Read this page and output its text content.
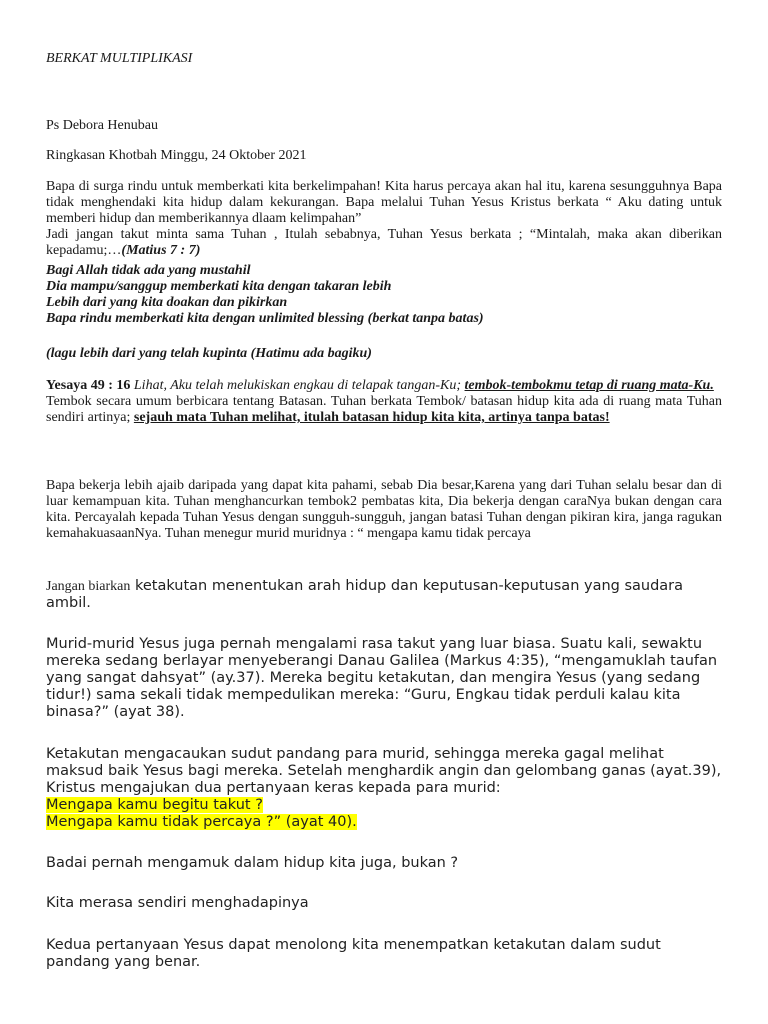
BERKAT MULTIPLIKASI

Ps Debora Henubau

Ringkasan Khotbah Minggu, 24 Oktober 2021

Bapa di surga rindu untuk memberkati kita berkelimpahan! Kita harus percaya akan hal itu, karena sesungguhnya Bapa tidak menghendaki kita hidup dalam kekurangan. Bapa melalui Tuhan Yesus Kristus berkata “ Aku dating untuk memberi hidup dan memberikannya dlaam kelimpahan”

Jadi jangan takut minta sama Tuhan , Itulah sebabnya, Tuhan Yesus berkata ; “Mintalah, maka akan diberikan kepadamu;…(Matius 7 : 7)

Bagi Allah tidak ada yang mustahil

Dia mampu/sanggup memberkati kita dengan takaran lebih

Lebih dari yang kita doakan dan pikirkan

Bapa rindu memberkati kita dengan unlimited blessing (berkat tanpa batas)

(lagu lebih dari yang telah kupinta (Hatimu ada bagiku)

Yesaya 49 : 16 Lihat, Aku telah melukiskan engkau di telapak tangan-Ku; tembok-tembokmu tetap di ruang mata-Ku.

Tembok secara umum berbicara tentang Batasan. Tuhan berkata Tembok/ batasan hidup kita ada di ruang mata Tuhan sendiri artinya; sejauh mata Tuhan melihat, itulah batasan hidup kita kita, artinya tanpa batas!

Bapa bekerja lebih ajaib daripada yang dapat kita pahami, sebab Dia besar,Karena yang dari Tuhan selalu besar dan di luar kemampuan kita. Tuhan menghancurkan tembok2 pembatas kita, Dia bekerja dengan caraNya bukan dengan cara kita. Percayalah kepada Tuhan Yesus dengan sungguh-sungguh, jangan batasi Tuhan dengan pikiran kira, janga ragukan kemahakuasaanNya. Tuhan menegur murid muridnya : “ mengapa kamu tidak percaya

Jangan biarkan ketakutan menentukan arah hidup dan keputusan-keputusan yang saudara ambil.

Murid-murid Yesus juga pernah mengalami rasa takut yang luar biasa. Suatu kali, sewaktu mereka sedang berlayar menyeberangi Danau Galilea (Markus 4:35), “mengamuklah taufan yang sangat dahsyat” (ay.37). Mereka begitu ketakutan, dan mengira Yesus (yang sedang tidur!) sama sekali tidak mempedulikan mereka: “Guru, Engkau tidak perduli kalau kita binasa?” (ayat 38).

Ketakutan mengacaukan sudut pandang para murid, sehingga mereka gagal melihat maksud baik Yesus bagi mereka. Setelah menghardik angin dan gelombang ganas (ayat.39), Kristus mengajukan dua pertanyaan keras kepada para murid:

Mengapa kamu begitu takut ?

Mengapa kamu tidak percaya ?” (ayat 40).

Badai pernah mengamuk dalam hidup kita juga, bukan ?

Kita merasa sendiri menghadapinya

Kedua pertanyaan Yesus dapat menolong kita menempatkan ketakutan dalam sudut pandang yang benar.
